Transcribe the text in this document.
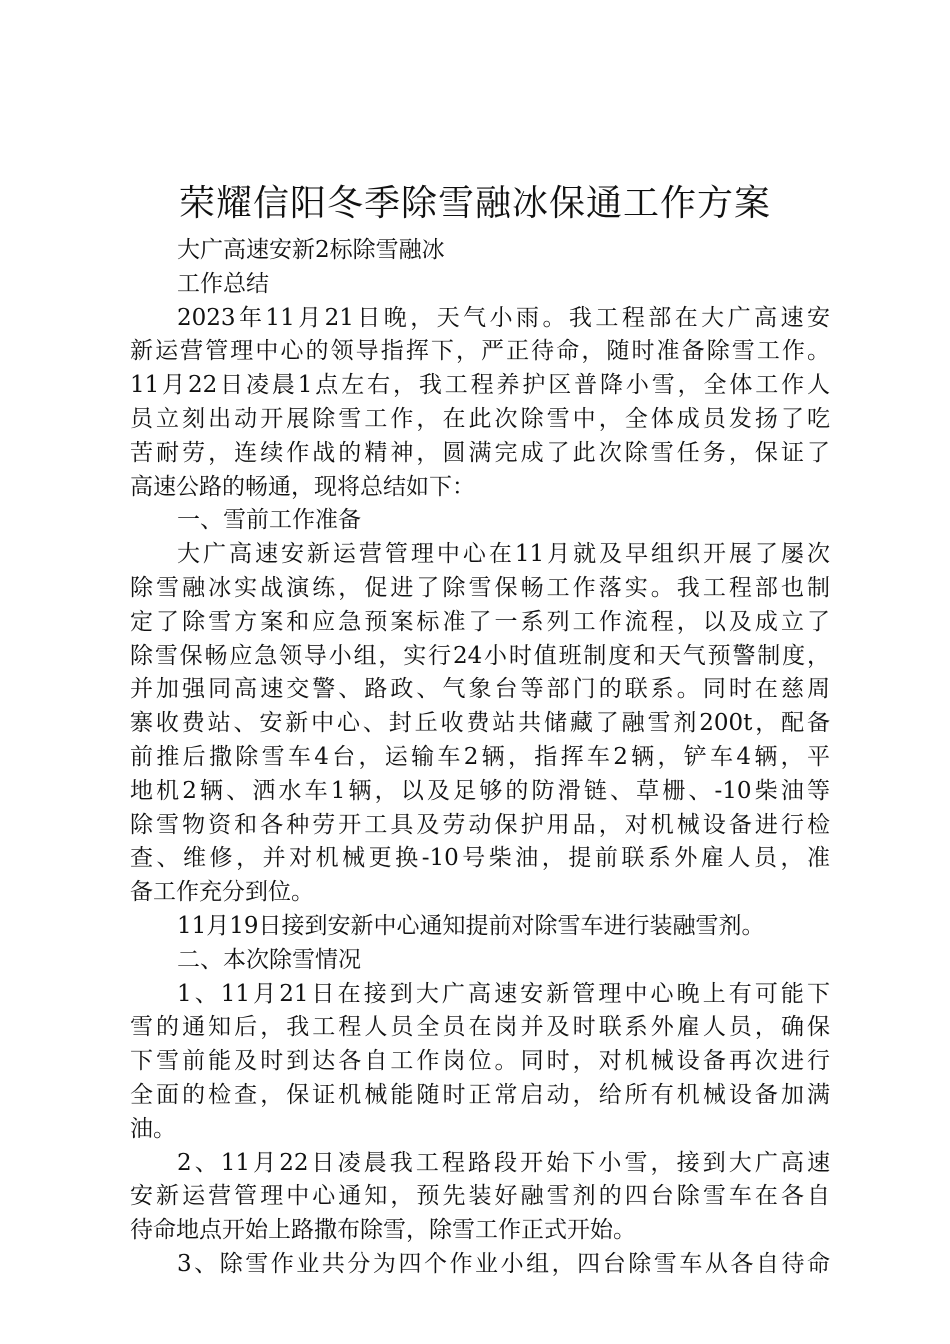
荣耀信阳冬季除雪融冰保通工作方案
大广高速安新2标除雪融冰
工作总结
2023年11月21日晚，天气小雨。我工程部在大广高速安
新运营管理中心的领导指挥下，严正待命，随时准备除雪工作。
11月22日凌晨1点左右，我工程养护区普降小雪，全体工作人
员立刻出动开展除雪工作，在此次除雪中，全体成员发扬了吃
苦耐劳，连续作战的精神，圆满完成了此次除雪任务，保证了
高速公路的畅通，现将总结如下：
一、雪前工作准备
大广高速安新运营管理中心在11月就及早组织开展了屡次
除雪融冰实战演练，促进了除雪保畅工作落实。我工程部也制
定了除雪方案和应急预案标准了一系列工作流程，以及成立了
除雪保畅应急领导小组，实行24小时值班制度和天气预警制度，
并加强同高速交警、路政、气象台等部门的联系。同时在慈周
寨收费站、安新中心、封丘收费站共储藏了融雪剂200t，配备
前推后撒除雪车4台，运输车2辆，指挥车2辆，铲车4辆，平
地机2辆、洒水车1辆，以及足够的防滑链、草栅、-10柴油等
除雪物资和各种劳开工具及劳动保护用品，对机械设备进行检
查、维修，并对机械更换-10号柴油，提前联系外雇人员，准
备工作充分到位。
11月19日接到安新中心通知提前对除雪车进行装融雪剂。
二、本次除雪情况
1、11月21日在接到大广高速安新管理中心晚上有可能下
雪的通知后，我工程人员全员在岗并及时联系外雇人员，确保
下雪前能及时到达各自工作岗位。同时，对机械设备再次进行
全面的检查，保证机械能随时正常启动，给所有机械设备加满
油。
2、11月22日凌晨我工程路段开始下小雪，接到大广高速
安新运营管理中心通知，预先装好融雪剂的四台除雪车在各自
待命地点开始上路撒布除雪，除雪工作正式开始。
3、除雪作业共分为四个作业小组，四台除雪车从各自待命
